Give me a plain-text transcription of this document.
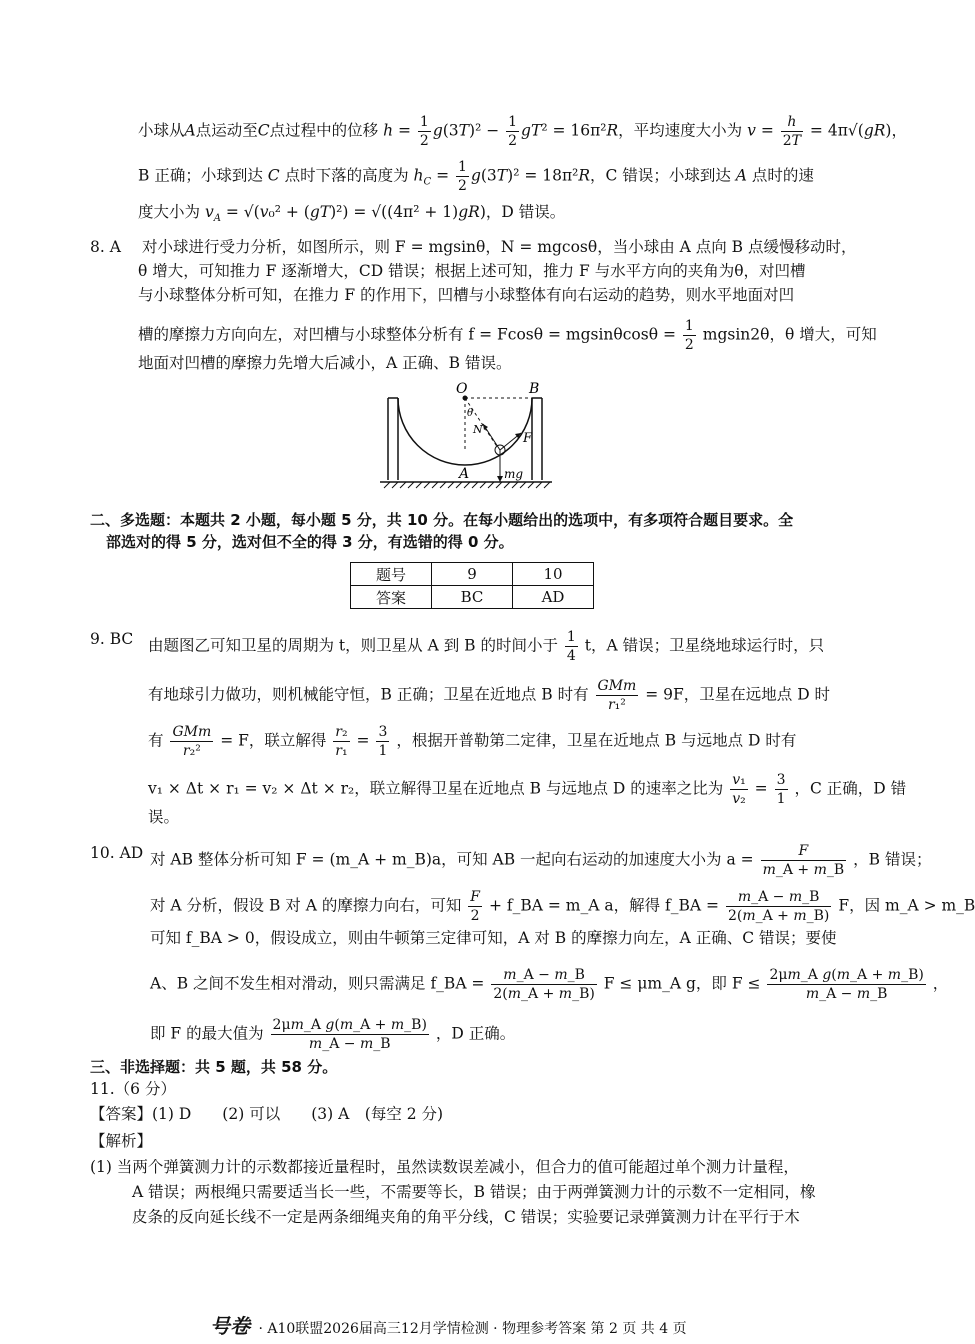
小球从A点运动至C点过程中的位移 $h = \frac{1}{2} g(3T)^2 - \frac{1}{2} gT^2 = 16\pi^2R$，平均速度大小为 $v = \frac{h}{2T} = 4\pi√(gR)$，
B 正确；小球到达 C 点时下落的高度为 $h_C = \frac{1}{2} g(3T)^2 = 18\pi^2R$，C 错误；小球到达 A 点时的速
度大小为 $v_A = √(v_0^2 + (gT)^2) = √((4\pi^2 + 1)gR)$，D 错误。
8. A 对小球进行受力分析，如图所示，则 F = mgsinθ，N = mgcosθ，当小球由 A 点向 B 点缓慢移动时，
θ 增大，可知推力 F 逐渐增大，CD 错误；根据上述可知，推力 F 与水平方向的夹角为θ，对凹槽
与小球整体分析可知，在推力 F 的作用下，凹槽与小球整体有向右运动的趋势，则水平地面对凹
槽的摩擦力方向向左，对凹槽与小球整体分析有 $f = Fcos\theta = mgsin\theta\cos\theta = \frac{1}{2} mgsin2\theta$，θ 增大，可知
地面对凹槽的摩擦力先增大后减小，A 正确、B 错误。
O	B
θ
N
F
A	mg
二、多选题：本题共 2 小题，每小题 5 分，共 10 分。在每小题给出的选项中，有多项符合题目要求。全
部选对的得 5 分，选对但不全的得 3 分，有选错的得 0 分。
题号	9	10
答案	BC	AD
9. BC 由题图乙可知卫星的周期为 t，则卫星从 A 到 B 的时间小于 $\frac{1}{4}$ t，A 错误；卫星绕地球运行时，只
有地球引力做功，则机械能守恒，B 正确；卫星在近地点 B 时有 $\frac{\text{GMm}}{\text{r₁²}} = 9F$，卫星在远地点 D 时
有 $\frac{\text{GMm}}{\text{r₂²}} = F$，联立解得 $\frac{\text{r₂}}{\text{r₁}} = \frac{3}{1}$ ，根据开普勒第二定律，卫星在近地点 B 与远地点 D 时有
v₁ × Δt × r₁ = v₂ × Δt × r₂，联立解得卫星在近地点 B 与远地点 D 的速率之比为 $\frac{\text{v₁}}{\text{v₂}} = \frac{3}{1}$ ，C 正确，D 错
误。
10. AD 对 AB 整体分析可知 F = (m_A + m_B)a，可知 AB 一起向右运动的加速度大小为 $a = \frac{F}{m\_A + m\_B}$ ，B 错误；
对 A 分析，假设 B 对 A 的摩擦力向右，可知 $\frac{F}{2}$ + f_BA = m_A a，解得 f_BA = $\frac{m\_A - m\_B}{2(m\_A + m\_B)}$ F，因 m_A > m_B
可知 f_BA > 0，假设成立，则由牛顿第三定律可知，A 对 B 的摩擦力向左，A 正确、C 错误；要使
A、B 之间不发生相对滑动，则只需满足 f_BA = $\frac{m\_A - m\_B}{2(m\_A + m\_B)}$ F ≤ μm_A g，即 $F \le \frac{\text{2μm\_A g(m\_A + m\_B)}}{m\_A - m\_B}$ ，
即 F 的最大值为 $\frac{\text{2μm\_A g(m\_A + m\_B)}}{m\_A - m\_B}$ ，D 正确。
三、非选择题：共 5 题，共 58 分。
11.（6 分）
【答案】(1) D　　(2) 可以　　(3) A　(每空 2 分)
【解析】
(1) 当两个弹簧测力计的示数都接近量程时，虽然读数误差减小，但合力的值可能超过单个测力计量程，
A 错误；两根绳只需要适当长一些，不需要等长，B 错误；由于两弹簧测力计的示数不一定相同，橡
皮条的反向延长线不一定是两条细绳夹角的角平分线，C 错误；实验要记录弹簧测力计在平行于木
号卷 · A10联盟2026届高三12月学情检测 · 物理参考答案 第 2 页 共 4 页
